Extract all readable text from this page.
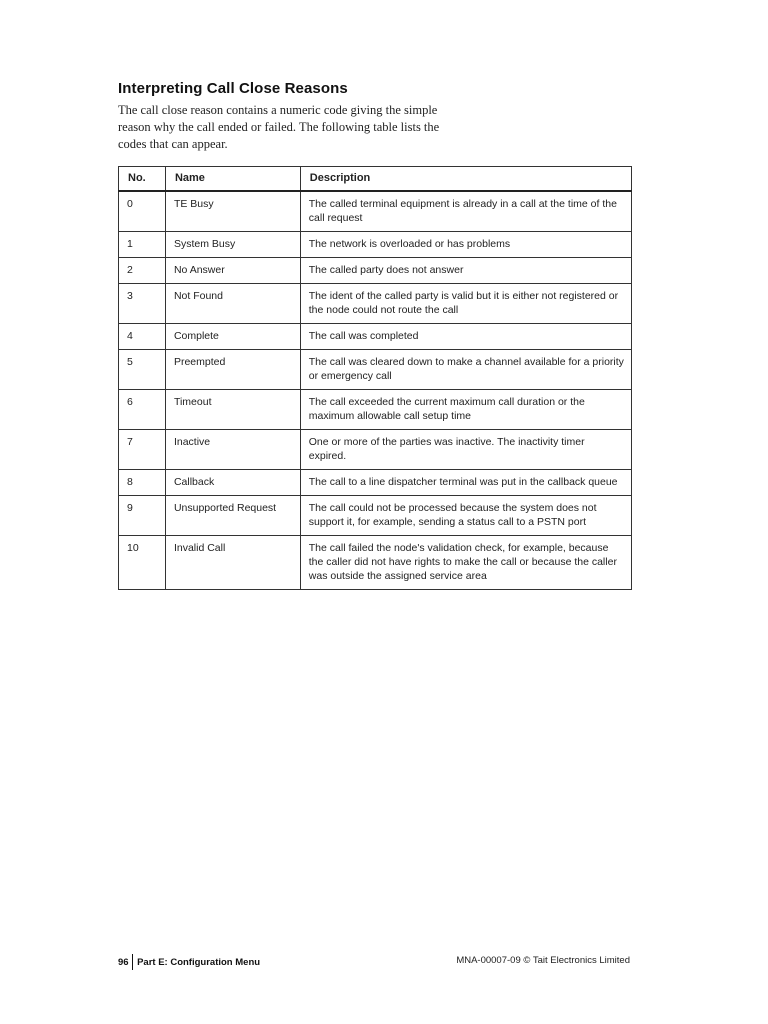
Interpreting Call Close Reasons

The call close reason contains a numeric code giving the simple reason why the call ended or failed. The following table lists the codes that can appear.

No.	Name	Description
0	TE Busy	The called terminal equipment is already in a call at the time of the call request
1	System Busy	The network is overloaded or has problems
2	No Answer	The called party does not answer
3	Not Found	The ident of the called party is valid but it is either not registered or the node could not route the call
4	Complete	The call was completed
5	Preempted	The call was cleared down to make a channel available for a priority or emergency call
6	Timeout	The call exceeded the current maximum call duration or the maximum allowable call setup time
7	Inactive	One or more of the parties was inactive. The inactivity timer expired.
8	Callback	The call to a line dispatcher terminal was put in the callback queue
9	Unsupported Request	The call could not be processed because the system does not support it, for example, sending a status call to a PSTN port
10	Invalid Call	The call failed the node's validation check, for example, because the caller did not have rights to make the call or because the caller was outside the assigned service area
96 Part E: Configuration Menu	MNA-00007-09 © Tait Electronics Limited
